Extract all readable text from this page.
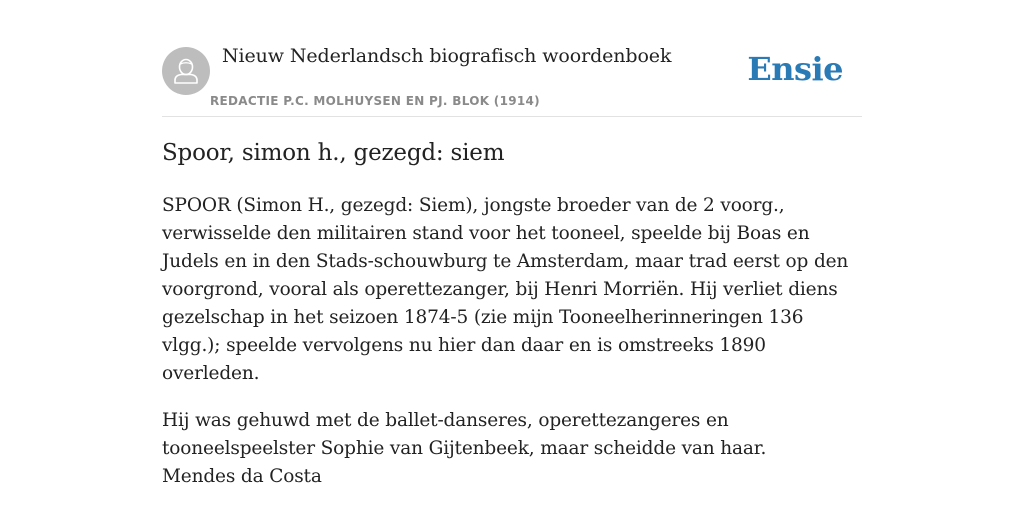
Nieuw Nederlandsch biografisch woordenboek
REDACTIE P.C. MOLHUYSEN EN PJ. BLOK (1914)
Ensie
Spoor, simon h., gezegd: siem

SPOOR (Simon H., gezegd: Siem), jongste broeder van de 2 voorg., verwisselde den militairen stand voor het tooneel, speelde bij Boas en Judels en in den Stads-schouwburg te Amsterdam, maar trad eerst op den voorgrond, vooral als operettezanger, bij Henri Morriën. Hij verliet diens gezelschap in het seizoen 1874-5 (zie mijn Tooneelherinneringen 136 vlgg.); speelde vervolgens nu hier dan daar en is omstreeks 1890 overleden.

Hij was gehuwd met de ballet-danseres, operettezangeres en tooneelspeelster Sophie van Gijtenbeek, maar scheidde van haar.

Mendes da Costa
